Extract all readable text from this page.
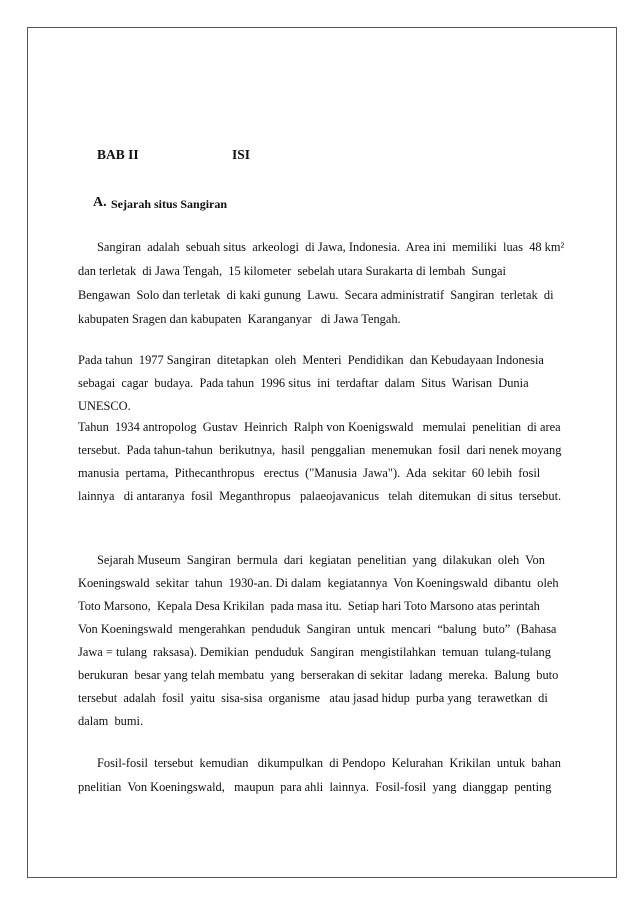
BAB II	ISI
A. Sejarah situs Sangiran
Sangiran  adalah  sebuah situs  arkeologi  di Jawa, Indonesia.  Area ini  memiliki  luas  48 km²
dan terletak  di Jawa Tengah,  15 kilometer  sebelah utara Surakarta di lembah  Sungai
Bengawan  Solo dan terletak  di kaki gunung  Lawu.  Secara administratif  Sangiran  terletak  di
kabupaten Sragen dan kabupaten  Karanganyar   di Jawa Tengah.
Pada tahun  1977 Sangiran  ditetapkan  oleh  Menteri  Pendidikan  dan Kebudayaan Indonesia
sebagai  cagar  budaya.  Pada tahun  1996 situs  ini  terdaftar  dalam  Situs  Warisan  Dunia
UNESCO.
Tahun  1934 antropolog  Gustav  Heinrich  Ralph von Koenigswald   memulai  penelitian  di area
tersebut.  Pada tahun-tahun  berikutnya,  hasil  penggalian  menemukan  fosil  dari nenek moyang
manusia  pertama,  Pithecanthropus   erectus  ("Manusia  Jawa").  Ada  sekitar  60 lebih  fosil
lainnya   di antaranya  fosil  Meganthropus   palaeojavanicus   telah  ditemukan  di situs  tersebut.
Sejarah Museum  Sangiran  bermula  dari  kegiatan  penelitian  yang  dilakukan  oleh  Von
Koeningswald  sekitar  tahun  1930-an. Di dalam  kegiatannya  Von Koeningswald  dibantu  oleh
Toto Marsono,  Kepala Desa Krikilan  pada masa itu.  Setiap hari Toto Marsono atas perintah
Von Koeningswald  mengerahkan  penduduk  Sangiran  untuk  mencari  “balung  buto”  (Bahasa
Jawa = tulang  raksasa). Demikian  penduduk  Sangiran  mengistilahkan  temuan  tulang-tulang
berukuran  besar yang telah membatu  yang  berserakan di sekitar  ladang  mereka.  Balung  buto
tersebut  adalah  fosil  yaitu  sisa-sisa  organisme   atau jasad hidup  purba yang  terawetkan  di
dalam  bumi.
Fosil-fosil  tersebut  kemudian   dikumpulkan  di Pendopo  Kelurahan  Krikilan  untuk  bahan
pnelitian  Von Koeningswald,   maupun  para ahli  lainnya.  Fosil-fosil  yang  dianggap  penting
